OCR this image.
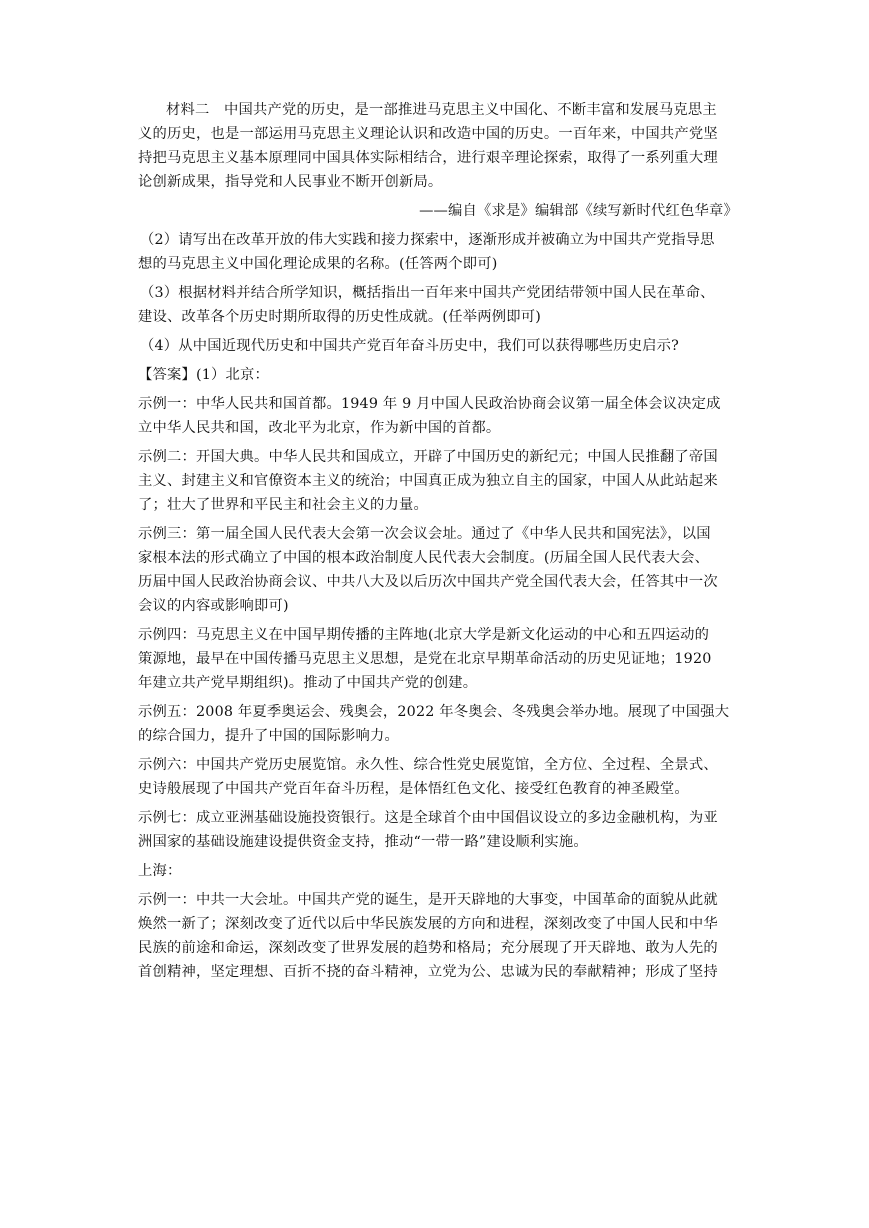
材料二　中国共产党的历史，是一部推进马克思主义中国化、不断丰富和发展马克思主

义的历史，也是一部运用马克思主义理论认识和改造中国的历史。一百年来，中国共产党坚

持把马克思主义基本原理同中国具体实际相结合，进行艰辛理论探索，取得了一系列重大理

论创新成果，指导党和人民事业不断开创新局。

——编自《求是》编辑部《续写新时代红色华章》

（2）请写出在改革开放的伟大实践和接力探索中，逐渐形成并被确立为中国共产党指导思

想的马克思主义中国化理论成果的名称。(任答两个即可)

（3）根据材料并结合所学知识，概括指出一百年来中国共产党团结带领中国人民在革命、

建设、改革各个历史时期所取得的历史性成就。(任举两例即可)

（4）从中国近现代历史和中国共产党百年奋斗历史中，我们可以获得哪些历史启示?

【答案】(1）北京：

示例一：中华人民共和国首都。1949 年 9 月中国人民政治协商会议第一届全体会议决定成

立中华人民共和国，改北平为北京，作为新中国的首都。

示例二：开国大典。中华人民共和国成立，开辟了中国历史的新纪元；中国人民推翻了帝国

主义、封建主义和官僚资本主义的统治；中国真正成为独立自主的国家，中国人从此站起来

了；壮大了世界和平民主和社会主义的力量。

示例三：第一届全国人民代表大会第一次会议会址。通过了《中华人民共和国宪法》，以国

家根本法的形式确立了中国的根本政治制度人民代表大会制度。(历届全国人民代表大会、

历届中国人民政治协商会议、中共八大及以后历次中国共产党全国代表大会，任答其中一次

会议的内容或影响即可)

示例四：马克思主义在中国早期传播的主阵地(北京大学是新文化运动的中心和五四运动的

策源地，最早在中国传播马克思主义思想，是党在北京早期革命活动的历史见证地；1920

年建立共产党早期组织)。推动了中国共产党的创建。

示例五：2008 年夏季奥运会、残奥会，2022 年冬奥会、冬残奥会举办地。展现了中国强大

的综合国力，提升了中国的国际影响力。

示例六：中国共产党历史展览馆。永久性、综合性党史展览馆，全方位、全过程、全景式、

史诗般展现了中国共产党百年奋斗历程，是体悟红色文化、接受红色教育的神圣殿堂。

示例七：成立亚洲基础设施投资银行。这是全球首个由中国倡议设立的多边金融机构，为亚

洲国家的基础设施建设提供资金支持，推动“一带一路”建设顺利实施。

上海：

示例一：中共一大会址。中国共产党的诞生，是开天辟地的大事变，中国革命的面貌从此就

焕然一新了；深刻改变了近代以后中华民族发展的方向和进程，深刻改变了中国人民和中华

民族的前途和命运，深刻改变了世界发展的趋势和格局；充分展现了开天辟地、敢为人先的

首创精神，坚定理想、百折不挠的奋斗精神，立党为公、忠诚为民的奉献精神；形成了坚持
